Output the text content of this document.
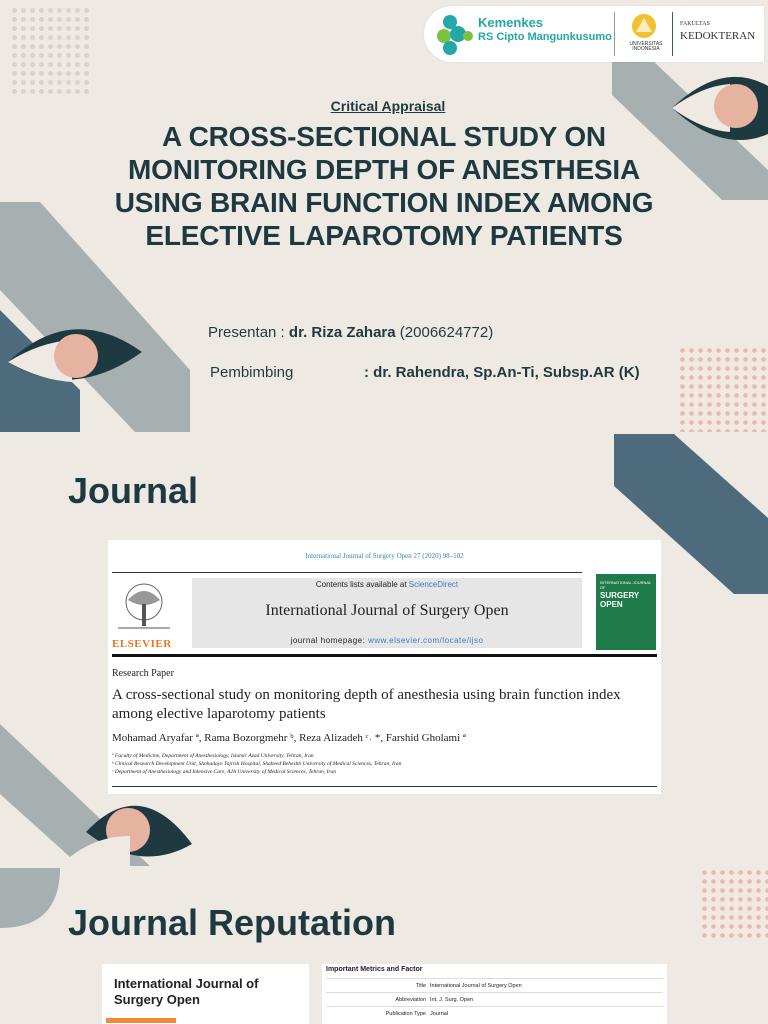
Kemenkes
RS Cipto Mangunkusumo
UNIVERSITAS INDONESIA
FAKULTAS
KEDOKTERAN
Critical Appraisal
A CROSS-SECTIONAL STUDY ON MONITORING DEPTH OF ANESTHESIA USING BRAIN FUNCTION INDEX AMONG ELECTIVE LAPAROTOMY PATIENTS
Presentan : dr. Riza Zahara (2006624772)
Pembimbing	: dr. Rahendra, Sp.An-Ti, Subsp.AR (K)
Journal
International Journal of Surgery Open 27 (2020) 98–102
ELSEVIER
Contents lists available at ScienceDirect
International Journal of Surgery Open
journal homepage: www.elsevier.com/locate/ijso
INTERNATIONAL JOURNAL OF
SURGERY
OPEN
Research Paper
A cross-sectional study on monitoring depth of anesthesia using brain function index among elective laparotomy patients
Mohamad Aryafar ª, Rama Bozorgmehr ᵇ, Reza Alizadeh ᶜ˒ *, Farshid Gholami ª
ª Faculty of Medicine, Department of Anesthesiology, Islamic Azad University, Tehran, Iran
ᵇ Clinical Research Development Unit, Shohadaye Tajrish Hospital, Shaheed Beheshti University of Medical Sciences, Tehran, Iran
ᶜ Department of Anesthesiology and Intensive Care, AJA University of Medical Sciences, Tehran, Iran
Journal Reputation
International Journal of Surgery Open
Important Metrics and Factor
Title International Journal of Surgery Open
Abbreviation Int. J. Surg. Open
Publication Type Journal
